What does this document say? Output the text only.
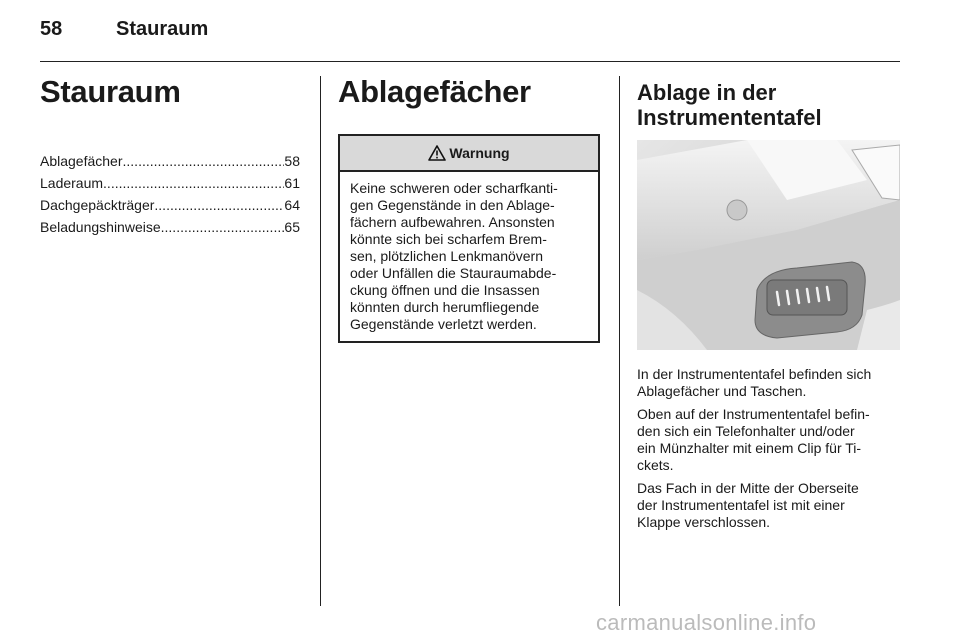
58	Stauraum
Stauraum
Ablagefächer .....	58
Laderaum .....	61
Dachgepäckträger .....	64
Beladungshinweise .....	65
Ablagefächer
Warnung
Keine schweren oder scharfkanti-
gen Gegenstände in den Ablage-
fächern aufbewahren. Ansonsten
könnte sich bei scharfem Brem-
sen, plötzlichen Lenkmanövern
oder Unfällen die Stauraumabde-
ckung öffnen und die Insassen
könnten durch herumfliegende
Gegenstände verletzt werden.
Ablage in der
Instrumententafel

In der Instrumententafel befinden sich
Ablagefächer und Taschen.

Oben auf der Instrumententafel befin-
den sich ein Telefonhalter und/oder
ein Münzhalter mit einem Clip für Ti-
ckets.

Das Fach in der Mitte der Oberseite
der Instrumententafel ist mit einer
Klappe verschlossen.

carmanualsonline.info
